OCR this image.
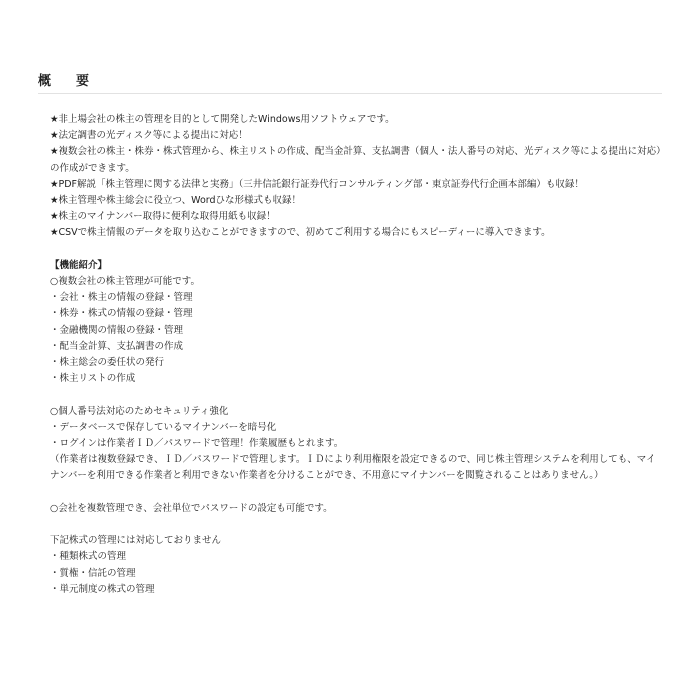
概　要
★非上場会社の株主の管理を目的として開発したWindows用ソフトウェアです。
★法定調書の光ディスク等による提出に対応！
★複数会社の株主・株券・株式管理から、株主リストの作成、配当金計算、支払調書（個人・法人番号の対応、光ディスク等による提出に対応）の作成ができます。
★PDF解説「株主管理に関する法律と実務」（三井信託銀行証券代行コンサルティング部・東京証券代行企画本部編）も収録！
★株主管理や株主総会に役立つ、Wordひな形様式も収録！
★株主のマイナンバー取得に便利な取得用紙も収録！
★CSVで株主情報のデータを取り込むことができますので、初めてご利用する場合にもスピーディーに導入できます。
【機能紹介】
○複数会社の株主管理が可能です。
・会社・株主の情報の登録・管理
・株券・株式の情報の登録・管理
・金融機関の情報の登録・管理
・配当金計算、支払調書の作成
・株主総会の委任状の発行
・株主リストの作成
○個人番号法対応のためセキュリティ強化
・データベースで保存しているマイナンバーを暗号化
・ログインは作業者ＩＤ／パスワードで管理！作業履歴もとれます。
（作業者は複数登録でき、ＩＤ／パスワードで管理します。ＩＤにより利用権限を設定できるので、同じ株主管理システムを利用しても、マイナンバーを利用できる作業者と利用できない作業者を分けることができ、不用意にマイナンバーを閲覧されることはありません。）
○会社を複数管理でき、会社単位でパスワードの設定も可能です。
下記株式の管理には対応しておりません
・種類株式の管理
・質権・信託の管理
・単元制度の株式の管理
